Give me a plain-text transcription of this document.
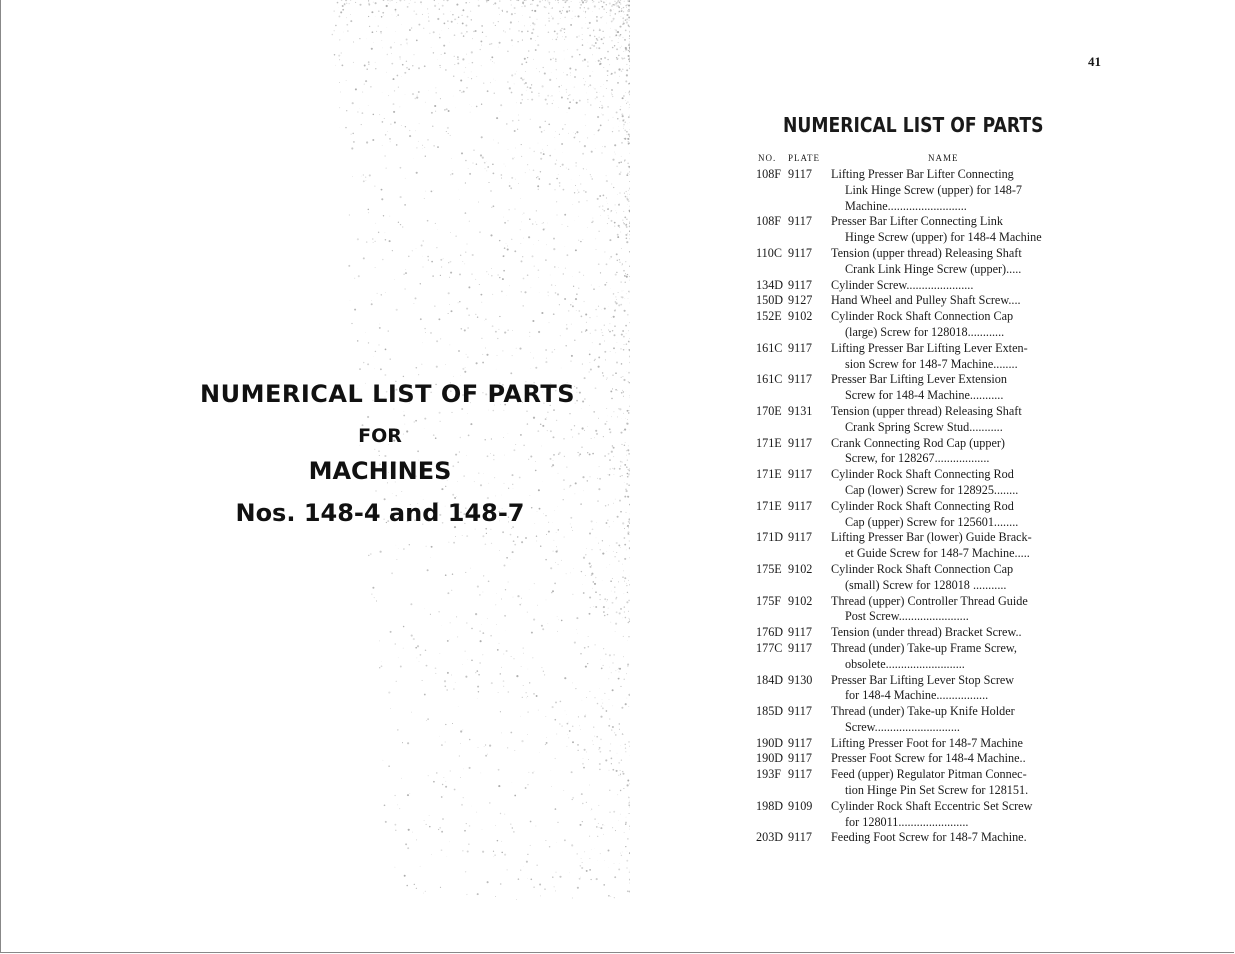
NUMERICAL LIST OF PARTS
FOR
MACHINES
Nos. 148-4 and 148-7
41
NUMERICAL LIST OF PARTS
NO. PLATE	NAME
108F 9117	Lifting Presser Bar Lifter Connecting
Link Hinge Screw (upper) for 148-7
Machine..........................
108F 9117	Presser Bar Lifter Connecting Link
Hinge Screw (upper) for 148-4 Machine
110C 9117	Tension (upper thread) Releasing Shaft
Crank Link Hinge Screw (upper).....
134D 9117	Cylinder Screw......................
150D 9127	Hand Wheel and Pulley Shaft Screw....
152E 9102	Cylinder Rock Shaft Connection Cap
(large) Screw for 128018............
161C 9117	Lifting Presser Bar Lifting Lever Exten-
sion Screw for 148-7 Machine........
161C 9117	Presser Bar Lifting Lever Extension
Screw for 148-4 Machine...........
170E 9131	Tension (upper thread) Releasing Shaft
Crank Spring Screw Stud...........
171E 9117	Crank Connecting Rod Cap (upper)
Screw, for 128267..................
171E 9117	Cylinder Rock Shaft Connecting Rod
Cap (lower) Screw for 128925........
171E 9117	Cylinder Rock Shaft Connecting Rod
Cap (upper) Screw for 125601........
171D 9117	Lifting Presser Bar (lower) Guide Brack-
et Guide Screw for 148-7 Machine.....
175E 9102	Cylinder Rock Shaft Connection Cap
(small) Screw for 128018 ...........
175F 9102	Thread (upper) Controller Thread Guide
Post Screw.......................
176D 9117	Tension (under thread) Bracket Screw..
177C 9117	Thread (under) Take-up Frame Screw,
obsolete..........................
184D 9130	Presser Bar Lifting Lever Stop Screw
for 148-4 Machine.................
185D 9117	Thread (under) Take-up Knife Holder
Screw............................
190D 9117	Lifting Presser Foot for 148-7 Machine
190D 9117	Presser Foot Screw for 148-4 Machine..
193F 9117	Feed (upper) Regulator Pitman Connec-
tion Hinge Pin Set Screw for 128151.
198D 9109	Cylinder Rock Shaft Eccentric Set Screw
for 128011.......................
203D 9117	Feeding Foot Screw for 148-7 Machine.
